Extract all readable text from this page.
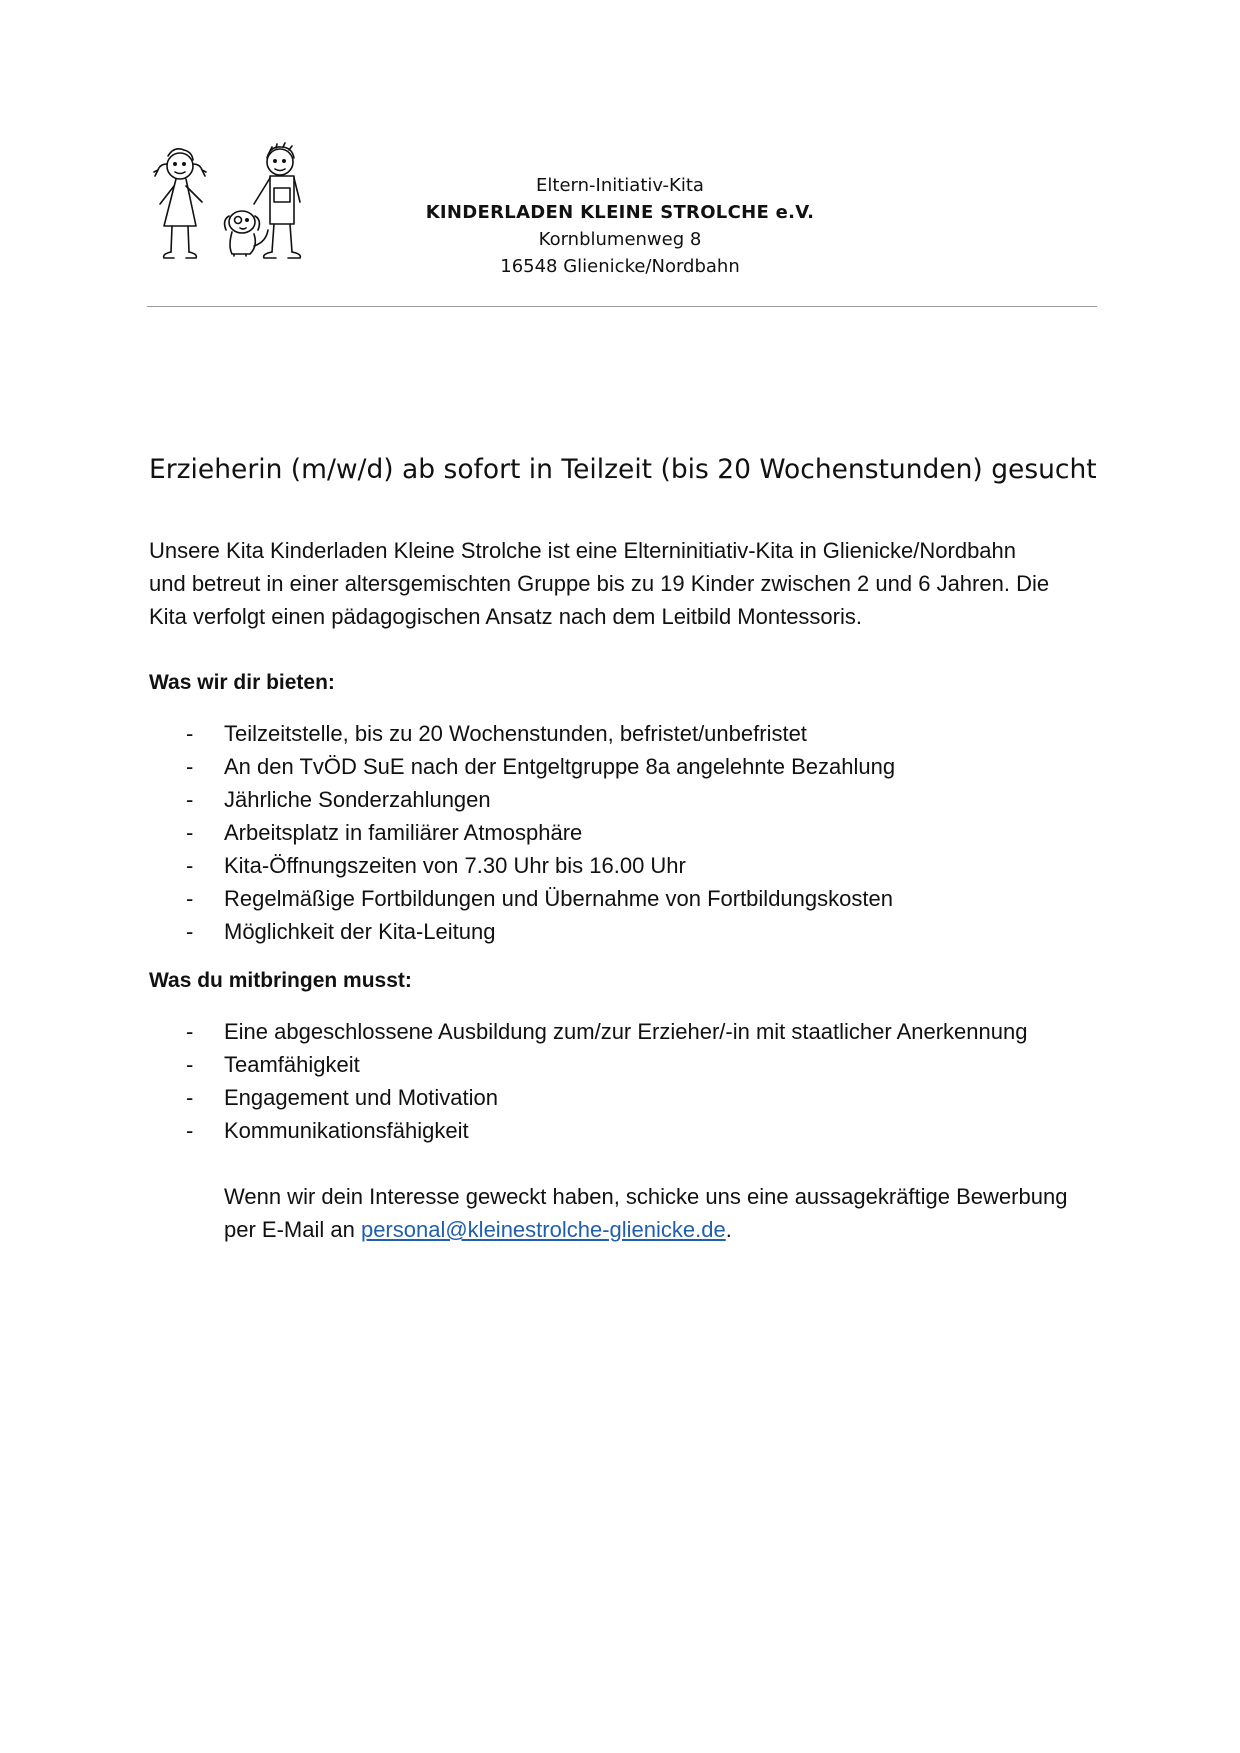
Eltern-Initiativ-Kita
KINDERLADEN KLEINE STROLCHE e.V.
Kornblumenweg 8
16548 Glienicke/Nordbahn
Erzieherin (m/w/d) ab sofort in Teilzeit (bis 20 Wochenstunden) gesucht

Unsere Kita Kinderladen Kleine Strolche ist eine Elterninitiativ-Kita in Glienicke/Nordbahn
und betreut in einer altersgemischten Gruppe bis zu 19 Kinder zwischen 2 und 6 Jahren. Die
Kita verfolgt einen pädagogischen Ansatz nach dem Leitbild Montessoris.

Was wir dir bieten:
- Teilzeitstelle, bis zu 20 Wochenstunden, befristet/unbefristet
- An den TvÖD SuE nach der Entgeltgruppe 8a angelehnte Bezahlung
- Jährliche Sonderzahlungen
- Arbeitsplatz in familiärer Atmosphäre
- Kita-Öffnungszeiten von 7.30 Uhr bis 16.00 Uhr
- Regelmäßige Fortbildungen und Übernahme von Fortbildungskosten
- Möglichkeit der Kita-Leitung
Was du mitbringen musst:
- Eine abgeschlossene Ausbildung zum/zur Erzieher/-in mit staatlicher Anerkennung
- Teamfähigkeit
- Engagement und Motivation
- Kommunikationsfähigkeit

Wenn wir dein Interesse geweckt haben, schicke uns eine aussagekräftige Bewerbung
per E-Mail an personal@kleinestrolche-glienicke.de.
